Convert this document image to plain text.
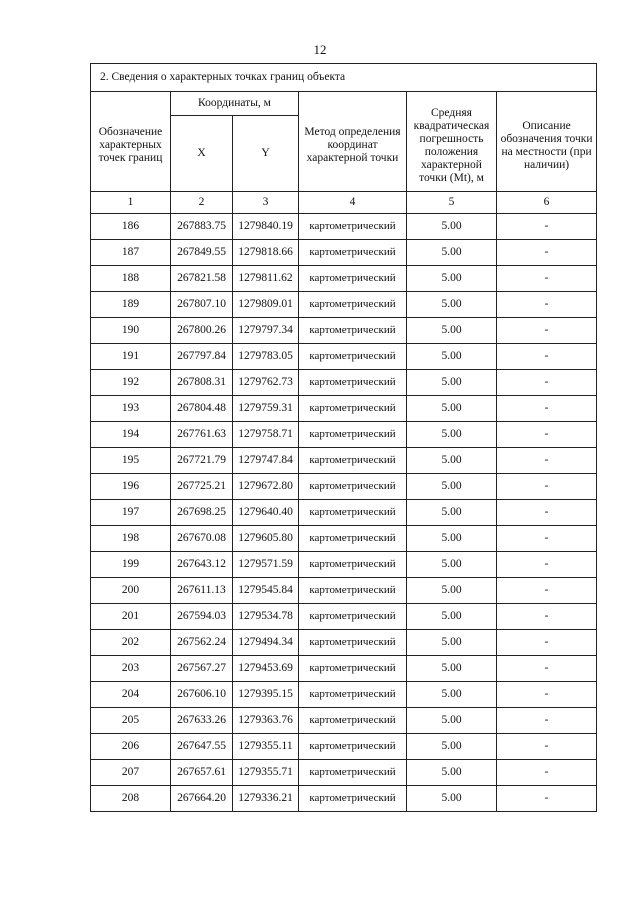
12
2. Сведения о характерных точках границ объекта					
Обозначение характерных точек границ	Координаты, м		Метод определения координат характерной точки	Средняя квадратическая погрешность положения характерной точки (Mt), м	Описание обозначения точки на местности (при наличии)
	X	Y			
1	2	3	4	5	6
186	267883.75	1279840.19	картометрический	5.00	-
187	267849.55	1279818.66	картометрический	5.00	-
188	267821.58	1279811.62	картометрический	5.00	-
189	267807.10	1279809.01	картометрический	5.00	-
190	267800.26	1279797.34	картометрический	5.00	-
191	267797.84	1279783.05	картометрический	5.00	-
192	267808.31	1279762.73	картометрический	5.00	-
193	267804.48	1279759.31	картометрический	5.00	-
194	267761.63	1279758.71	картометрический	5.00	-
195	267721.79	1279747.84	картометрический	5.00	-
196	267725.21	1279672.80	картометрический	5.00	-
197	267698.25	1279640.40	картометрический	5.00	-
198	267670.08	1279605.80	картометрический	5.00	-
199	267643.12	1279571.59	картометрический	5.00	-
200	267611.13	1279545.84	картометрический	5.00	-
201	267594.03	1279534.78	картометрический	5.00	-
202	267562.24	1279494.34	картометрический	5.00	-
203	267567.27	1279453.69	картометрический	5.00	-
204	267606.10	1279395.15	картометрический	5.00	-
205	267633.26	1279363.76	картометрический	5.00	-
206	267647.55	1279355.11	картометрический	5.00	-
207	267657.61	1279355.71	картометрический	5.00	-
208	267664.20	1279336.21	картометрический	5.00	-
